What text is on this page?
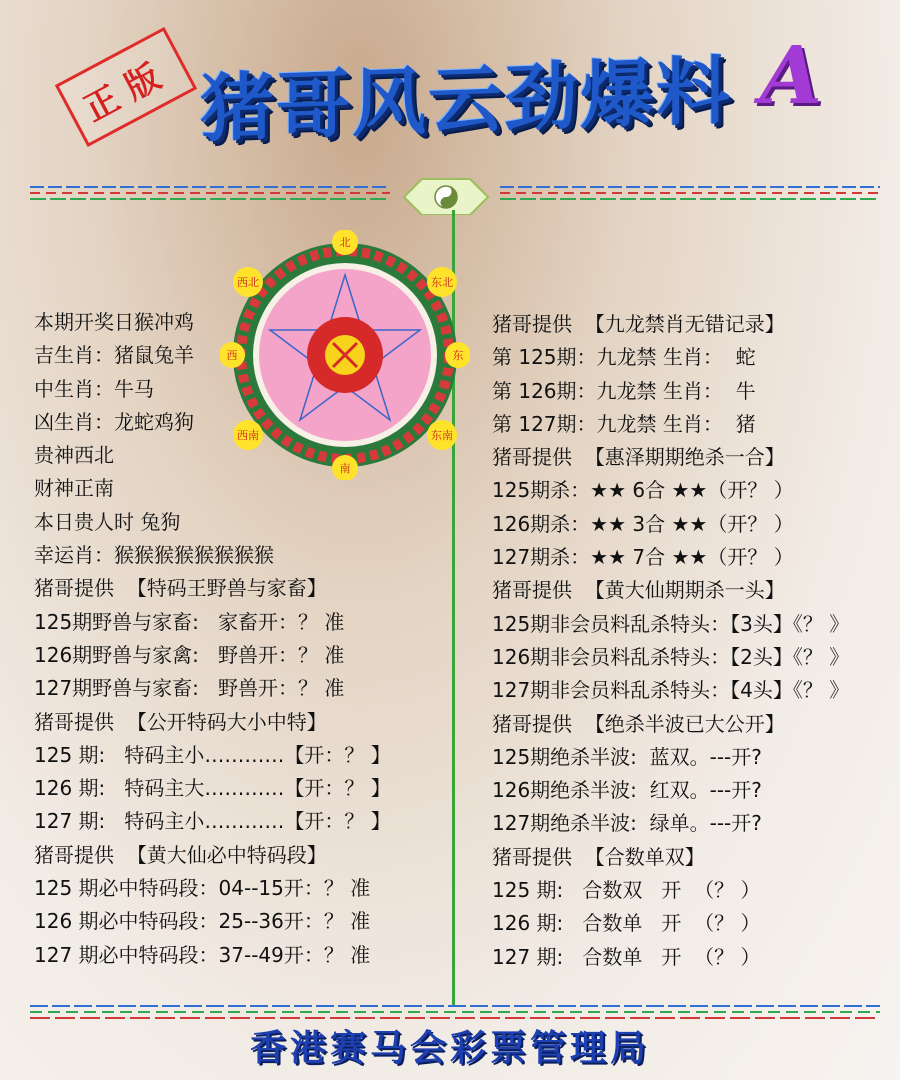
正版 猪哥风云劲爆料 A
北
东北
东
东南
南
西南
西
西北
本期开奖日猴冲鸡
吉生肖：猪鼠兔羊
中生肖：牛马
凶生肖：龙蛇鸡狗
贵神西北
财神正南
本日贵人时 兔狗
幸运肖：猴猴猴猴猴猴猴猴
猪哥提供  【特码王野兽与家畜】
125期野兽与家畜:   家畜开：？ 准
126期野兽与家禽:   野兽开：？ 准
127期野兽与家畜:   野兽开：？ 准
猪哥提供  【公开特码大小中特】
125 期:   特码主小…………【开：？ 】
126 期:   特码主大…………【开：？ 】
127 期:   特码主小…………【开：？ 】
猪哥提供  【黄大仙必中特码段】
125 期必中特码段：04--15开：？ 准
126 期必中特码段：25--36开：？ 准
127 期必中特码段：37--49开：？ 准
猪哥提供  【九龙禁肖无错记录】
第 125期：九龙禁 生肖：  蛇
第 126期：九龙禁 生肖：  牛
第 127期：九龙禁 生肖：  猪
猪哥提供  【惠泽期期绝杀一合】
125期杀：★★ 6合 ★★（开？ ）
126期杀：★★ 3合 ★★（开？ ）
127期杀：★★ 7合 ★★（开？ ）
猪哥提供  【黄大仙期期杀一头】
125期非会员料乱杀特头：【3头】《？ 》
126期非会员料乱杀特头：【2头】《？ 》
127期非会员料乱杀特头：【4头】《？ 》
猪哥提供  【绝杀半波已大公开】
125期绝杀半波:  蓝双。---开?
126期绝杀半波:  红双。---开?
127期绝杀半波:  绿单。---开?
猪哥提供  【合数单双】
125 期:   合数双   开  （？ ）
126 期:   合数单   开  （？ ）
127 期:   合数单   开  （？ ）
香港赛马会彩票管理局
